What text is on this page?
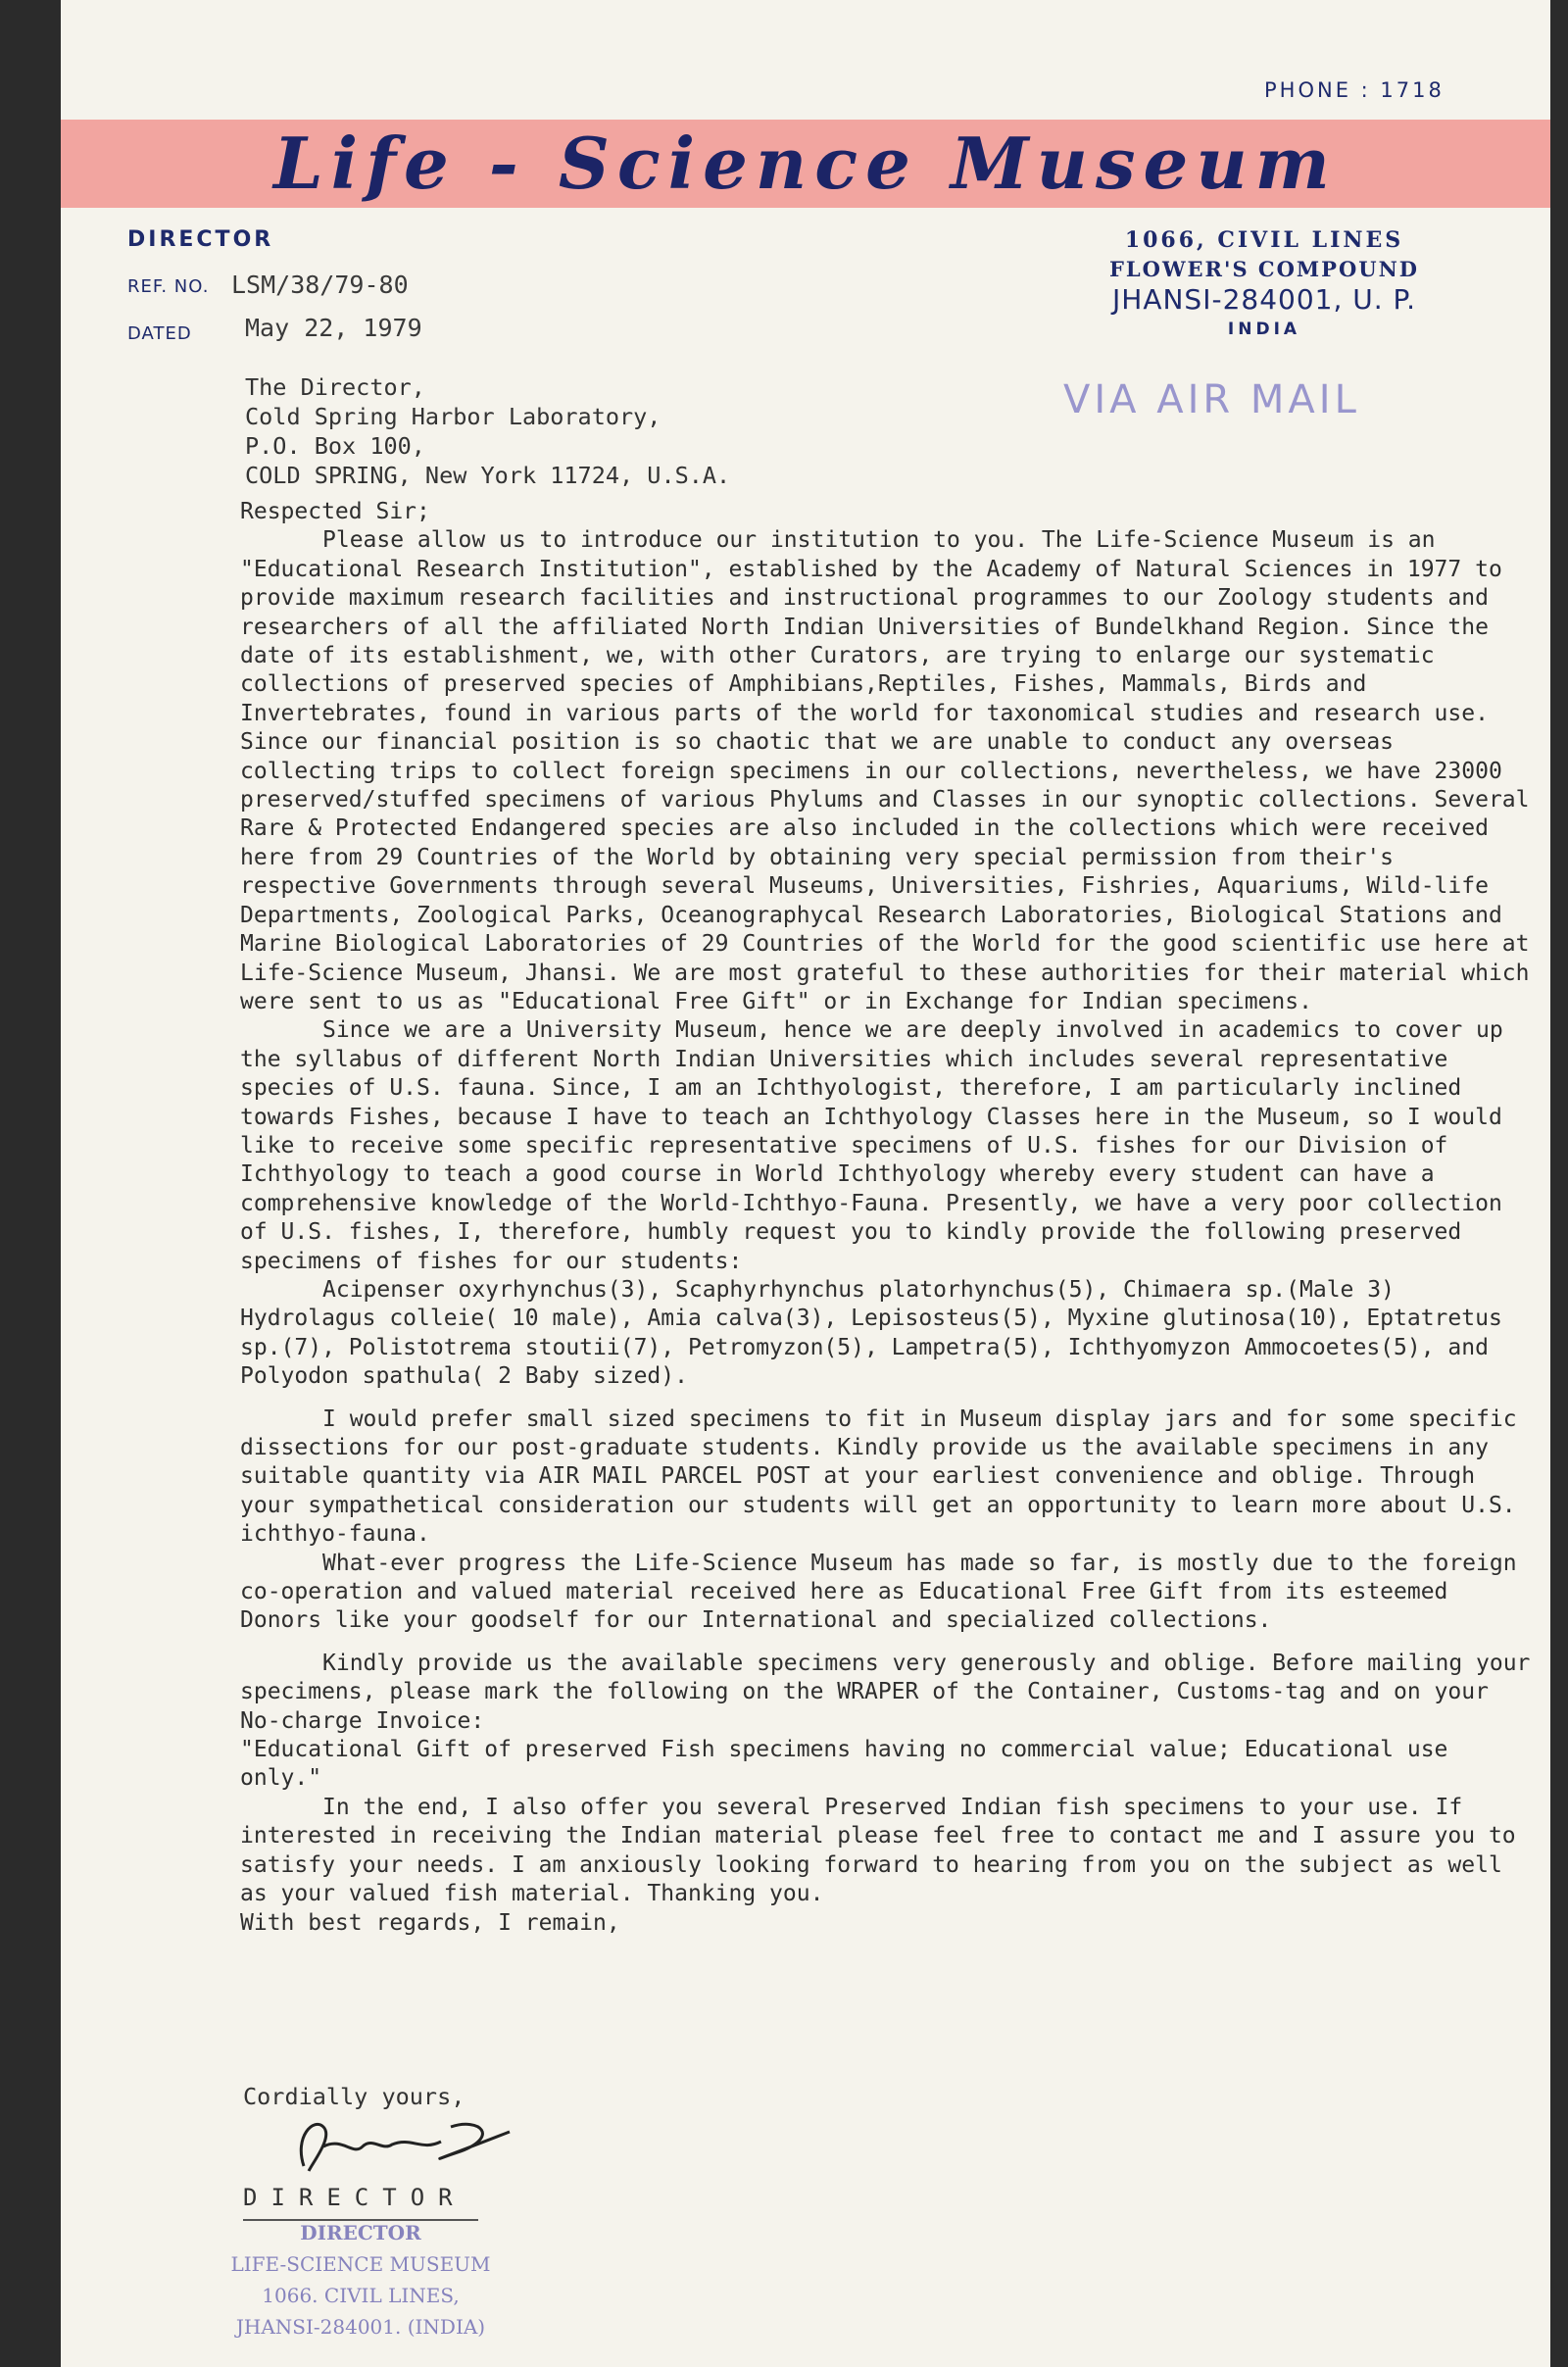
PHONE : 1718
Life - Science Museum
DIRECTOR
REF. NO. LSM/38/79-80
DATED May 22, 1979
1066, CIVIL LINES
FLOWER'S COMPOUND
JHANSI-284001, U. P.
INDIA
VIA AIR MAIL
The Director,
Cold Spring Harbor Laboratory,
P.O. Box 100,
COLD SPRING, New York 11724, U.S.A.

Respected Sir;

Please allow us to introduce our institution to you. The Life-Science Museum is an "Educational Research Institution", established by the Academy of Natural Sciences in 1977 to provide maximum research facilities and instructional programmes to our Zoology students and researchers of all the affiliated North Indian Universities of Bundelkhand Region. Since the date of its establishment, we, with other Curators, are trying to enlarge our systematic collections of preserved species of Amphibians,Reptiles, Fishes, Mammals, Birds and Invertebrates, found in various parts of the world for taxonomical studies and research use. Since our financial position is so chaotic that we are unable to conduct any overseas collecting trips to collect foreign specimens in our collections, nevertheless, we have 23000 preserved/stuffed specimens of various Phylums and Classes in our synoptic collections. Several Rare & Protected Endangered species are also included in the collections which were received here from 29 Countries of the World by obtaining very special permission from their's respective Governments through several Museums, Universities, Fishries, Aquariums, Wild-life Departments, Zoological Parks, Oceanographycal Research Laboratories, Biological Stations and Marine Biological Laboratories of 29 Countries of the World for the good scientific use here at Life-Science Museum, Jhansi. We are most grateful to these authorities for their material which were sent to us as "Educational Free Gift" or in Exchange for Indian specimens.

Since we are a University Museum, hence we are deeply involved in academics to cover up the syllabus of different North Indian Universities which includes several representative species of U.S. fauna. Since, I am an Ichthyologist, therefore, I am particularly inclined towards Fishes, because I have to teach an Ichthyology Classes here in the Museum, so I would like to receive some specific representative specimens of U.S. fishes for our Division of Ichthyology to teach a good course in World Ichthyology whereby every student can have a comprehensive knowledge of the World-Ichthyo-Fauna. Presently, we have a very poor collection of U.S. fishes, I, therefore, humbly request you to kindly provide the following preserved specimens of fishes for our students:

Acipenser oxyrhynchus(3), Scaphyrhynchus platorhynchus(5), Chimaera sp.(Male 3) Hydrolagus colleie( 10 male), Amia calva(3), Lepisosteus(5), Myxine glutinosa(10), Eptatretus sp.(7), Polistotrema stoutii(7), Petromyzon(5), Lampetra(5), Ichthyomyzon Ammocoetes(5), and Polyodon spathula( 2 Baby sized).

I would prefer small sized specimens to fit in Museum display jars and for some specific dissections for our post-graduate students. Kindly provide us the available specimens in any suitable quantity via AIR MAIL PARCEL POST at your earliest convenience and oblige. Through your sympathetical consideration our students will get an opportunity to learn more about U.S. ichthyo-fauna.

What-ever progress the Life-Science Museum has made so far, is mostly due to the foreign co-operation and valued material received here as Educational Free Gift from its esteemed Donors like your goodself for our International and specialized collections.

Kindly provide us the available specimens very generously and oblige. Before mailing your specimens, please mark the following on the WRAPER of the Container, Customs-tag and on your No-charge Invoice:

"Educational Gift of preserved Fish specimens having no commercial value; Educational use only."

In the end, I also offer you several Preserved Indian fish specimens to your use. If interested in receiving the Indian material please feel free to contact me and I assure you to satisfy your needs. I am anxiously looking forward to hearing from you on the subject as well as your valued fish material. Thanking you.

With best regards, I remain,

Cordially yours,
DIRECTOR
DIRECTOR
LIFE-SCIENCE MUSEUM
1066. CIVIL LINES,
JHANSI-284001. (INDIA)
